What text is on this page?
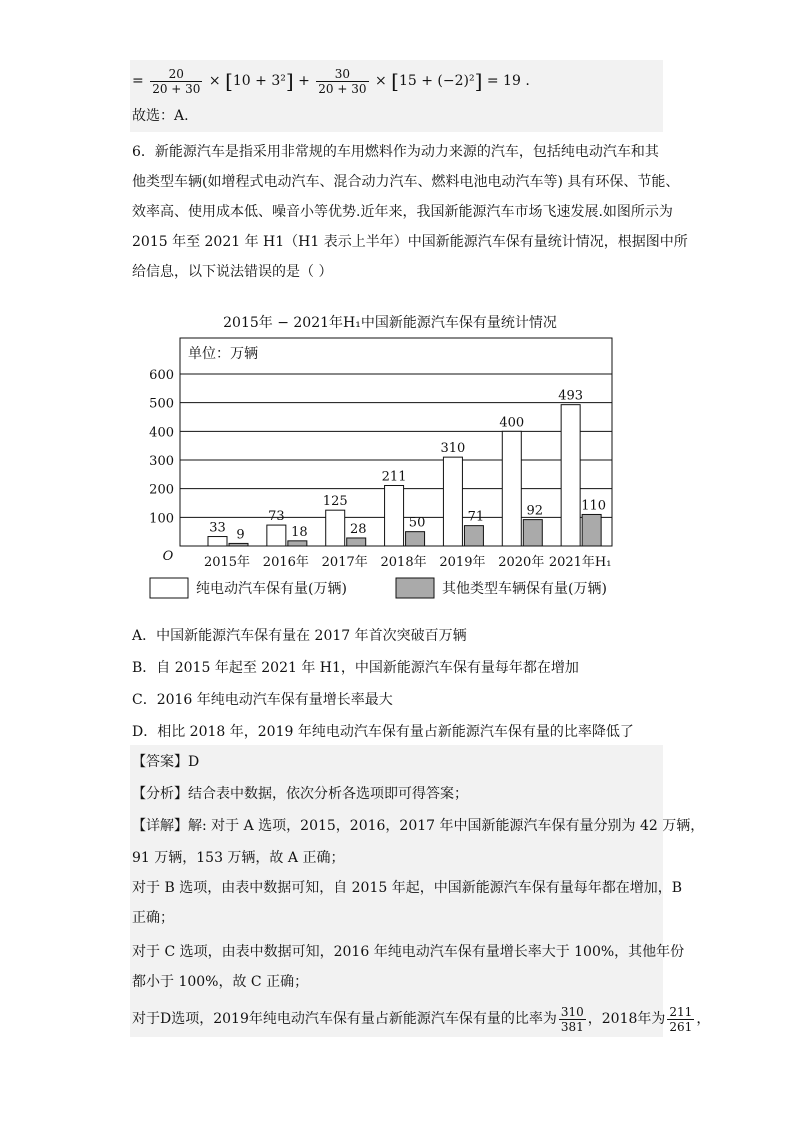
= $\frac{20}{20 + 30} \times [10 + 3^2] + \frac{30}{20 + 30} \times [15 + (-2)^2] = 19$ .
故选：A.
6．新能源汽车是指采用非常规的车用燃料作为动力来源的汽车，包括纯电动汽车和其
他类型车辆(如增程式电动汽车、混合动力汽车、燃料电池电动汽车等) 具有环保、节能、
效率高、使用成本低、噪音小等优势.近年来，我国新能源汽车市场飞速发展.如图所示为
2015 年至 2021 年 H1（H1 表示上半年）中国新能源汽车保有量统计情况，根据图中所
给信息，以下说法错误的是（ ）
2015年 − 2021年H₁中国新能源汽车保有量统计情况
单位：万辆
100
200
300
400
500
600
O
33 9
2015年
73
18
2016年
125
28
2017年
211
50
2018年
310
71
2019年
400
92
2020年
493
110
2021年H₁
纯电动汽车保有量(万辆)	其他类型车辆保有量(万辆)
A．中国新能源汽车保有量在 2017 年首次突破百万辆
B．自 2015 年起至 2021 年 H1，中国新能源汽车保有量每年都在增加
C．2016 年纯电动汽车保有量增长率最大
D．相比 2018 年，2019 年纯电动汽车保有量占新能源汽车保有量的比率降低了
【答案】D
【分析】结合表中数据，依次分析各选项即可得答案；
【详解】解: 对于 A 选项，2015，2016，2017 年中国新能源汽车保有量分别为 42 万辆，
91 万辆，153 万辆，故 A 正确；
对于 B 选项，由表中数据可知，自 2015 年起，中国新能源汽车保有量每年都在增加，B
正确；
对于 C 选项，由表中数据可知，2016 年纯电动汽车保有量增长率大于 100%，其他年份
都小于 100%，故 C 正确；
对于D选项，2019年纯电动汽车保有量占新能源汽车保有量的比率为 $\frac{310}{381}$ ，2018年为 $\frac{211}{261}$ ，
